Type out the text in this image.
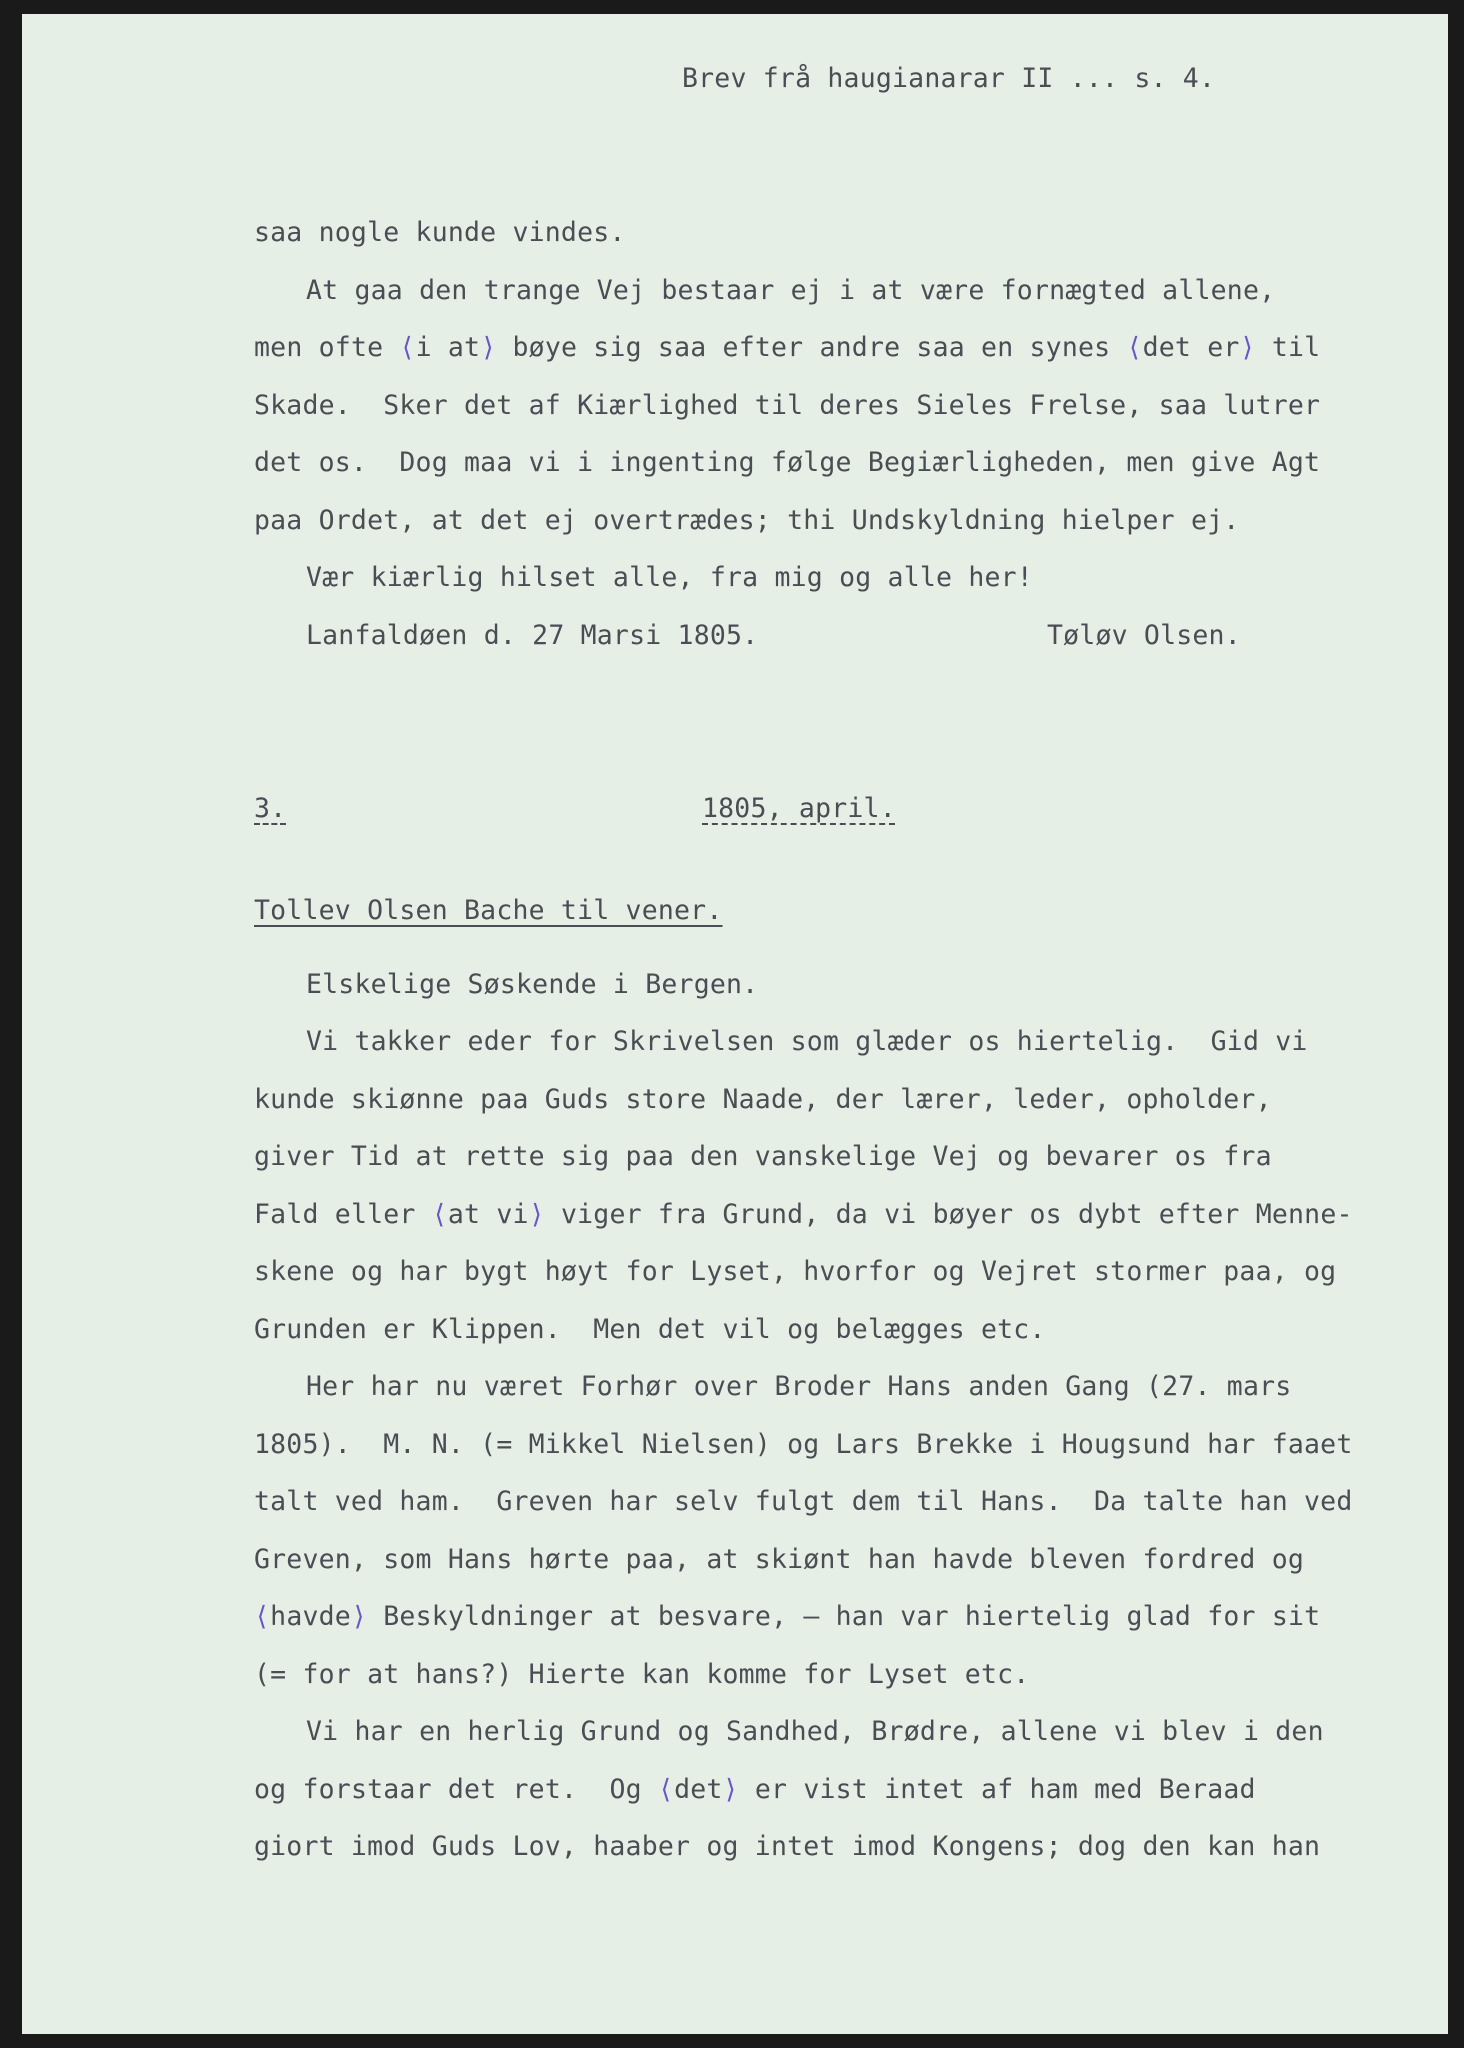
Brev frå haugianarar II ... s. 4.
saa nogle kunde vindes.
At gaa den trange Vej bestaar ej i at være fornægted allene,
men ofte ⟨i at⟩ bøye sig saa efter andre saa en synes ⟨det er⟩ til
Skade.  Sker det af Kiærlighed til deres Sieles Frelse, saa lutrer
det os.  Dog maa vi i ingenting følge Begiærligheden, men give Agt
paa Ordet, at det ej overtrædes; thi Undskyldning hielper ej.
Vær kiærlig hilset alle, fra mig og alle her!
Lanfaldøen d. 27 Marsi 1805.	Tøløv Olsen.
3.	1805, april.
Tollev Olsen Bache til vener.
Elskelige Søskende i Bergen.
Vi takker eder for Skrivelsen som glæder os hiertelig.  Gid vi
kunde skiønne paa Guds store Naade, der lærer, leder, opholder,
giver Tid at rette sig paa den vanskelige Vej og bevarer os fra
Fald eller ⟨at vi⟩ viger fra Grund, da vi bøyer os dybt efter Menne-
skene og har bygt høyt for Lyset, hvorfor og Vejret stormer paa, og
Grunden er Klippen.  Men det vil og belægges etc.
Her har nu været Forhør over Broder Hans anden Gang (27. mars
1805).  M. N. (= Mikkel Nielsen) og Lars Brekke i Hougsund har faaet
talt ved ham.  Greven har selv fulgt dem til Hans.  Da talte han ved
Greven, som Hans hørte paa, at skiønt han havde bleven fordred og
⟨havde⟩ Beskyldninger at besvare, — han var hiertelig glad for sit
(= for at hans?) Hierte kan komme for Lyset etc.
Vi har en herlig Grund og Sandhed, Brødre, allene vi blev i den
og forstaar det ret. Og ⟨det⟩ er vist intet af ham med Beraad
giort imod Guds Lov, haaber og intet imod Kongens; dog den kan han
